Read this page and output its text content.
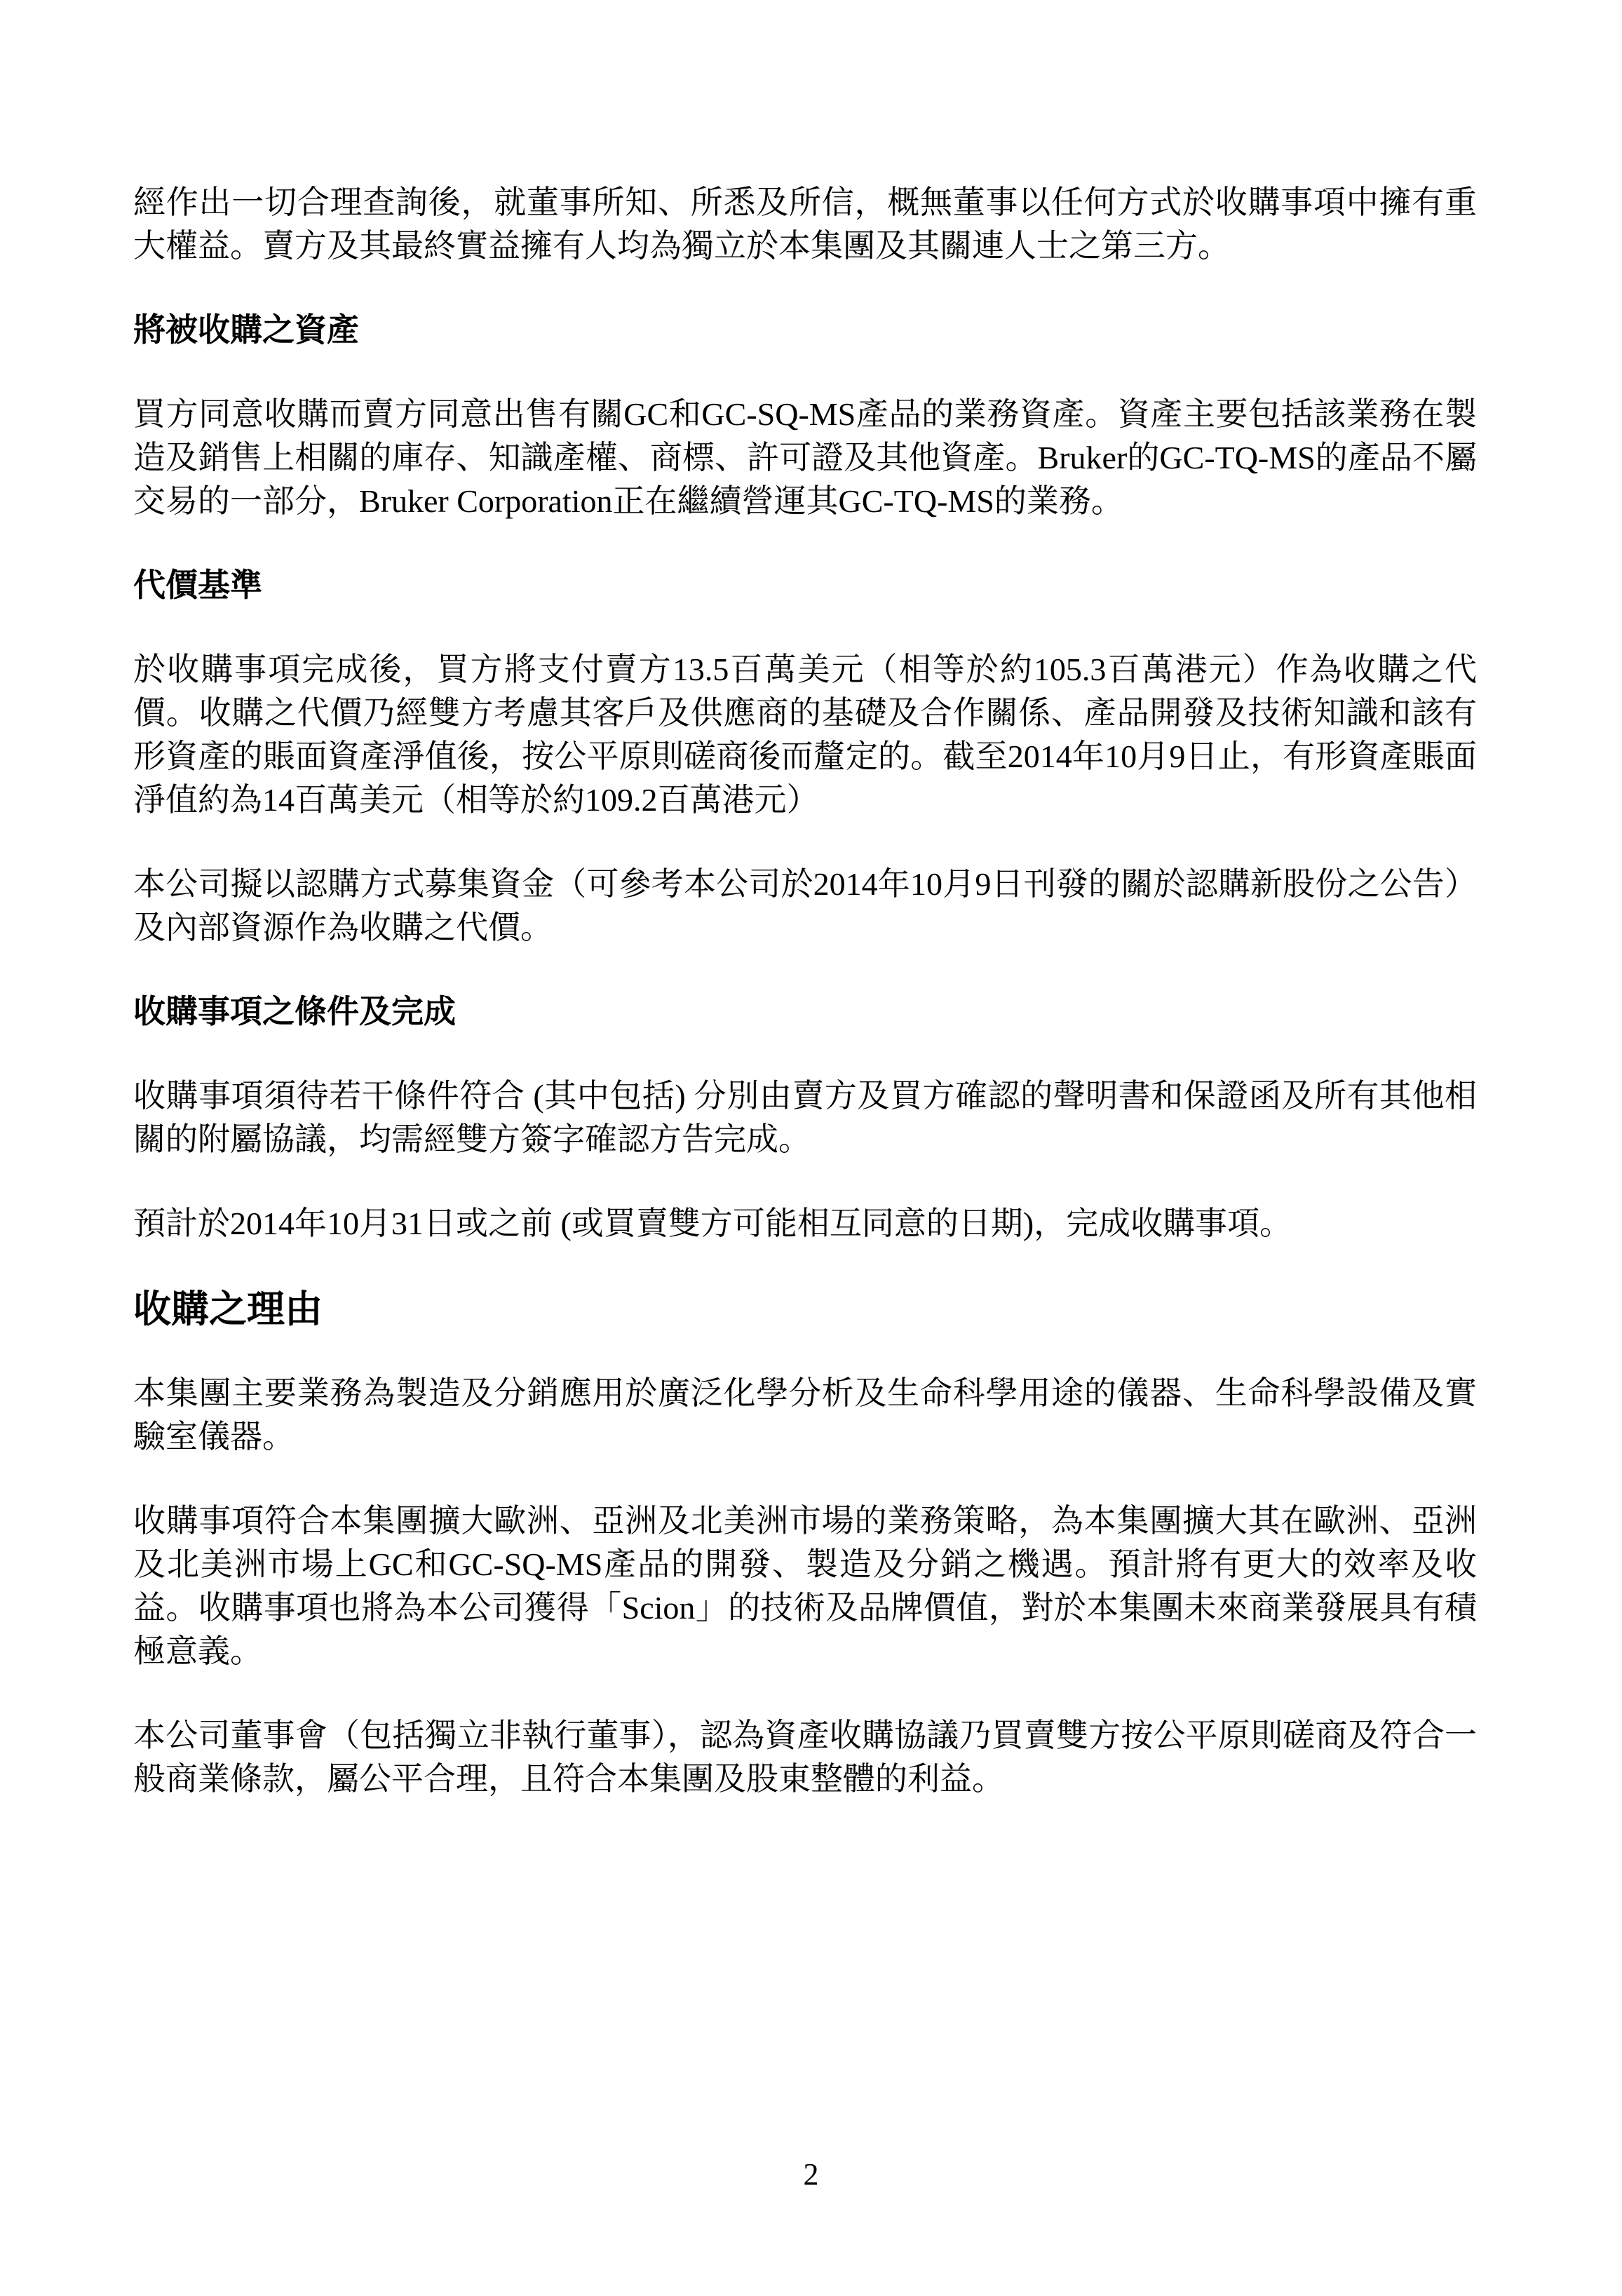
經作出一切合理查詢後，就董事所知、所悉及所信，概無董事以任何方式於收購事項中擁有重大權益。賣方及其最終實益擁有人均為獨立於本集團及其關連人士之第三方。

將被收購之資產

買方同意收購而賣方同意出售有關GC和GC-SQ-MS產品的業務資產。資產主要包括該業務在製造及銷售上相關的庫存、知識產權、商標、許可證及其他資產。Bruker的GC-TQ-MS的產品不屬交易的一部分，Bruker Corporation正在繼續營運其GC-TQ-MS的業務。

代價基準

於收購事項完成後，買方將支付賣方13.5百萬美元（相等於約105.3百萬港元）作為收購之代價。收購之代價乃經雙方考慮其客戶及供應商的基礎及合作關係、產品開發及技術知識和該有形資產的賬面資產淨值後，按公平原則磋商後而釐定的。截至2014年10月9日止，有形資產賬面淨值約為14百萬美元（相等於約109.2百萬港元）

本公司擬以認購方式募集資金（可參考本公司於2014年10月9日刊發的關於認購新股份之公告）及內部資源作為收購之代價。

收購事項之條件及完成

收購事項須待若干條件符合 (其中包括) 分別由賣方及買方確認的聲明書和保證函及所有其他相關的附屬協議，均需經雙方簽字確認方告完成。

預計於2014年10月31日或之前 (或買賣雙方可能相互同意的日期)，完成收購事項。

收購之理由

本集團主要業務為製造及分銷應用於廣泛化學分析及生命科學用途的儀器、生命科學設備及實驗室儀器。

收購事項符合本集團擴大歐洲、亞洲及北美洲市場的業務策略，為本集團擴大其在歐洲、亞洲及北美洲市場上GC和GC-SQ-MS產品的開發、製造及分銷之機遇。預計將有更大的效率及收益。收購事項也將為本公司獲得「Scion」的技術及品牌價值，對於本集團未來商業發展具有積極意義。

本公司董事會（包括獨立非執行董事），認為資產收購協議乃買賣雙方按公平原則磋商及符合一般商業條款，屬公平合理，且符合本集團及股東整體的利益。

2
